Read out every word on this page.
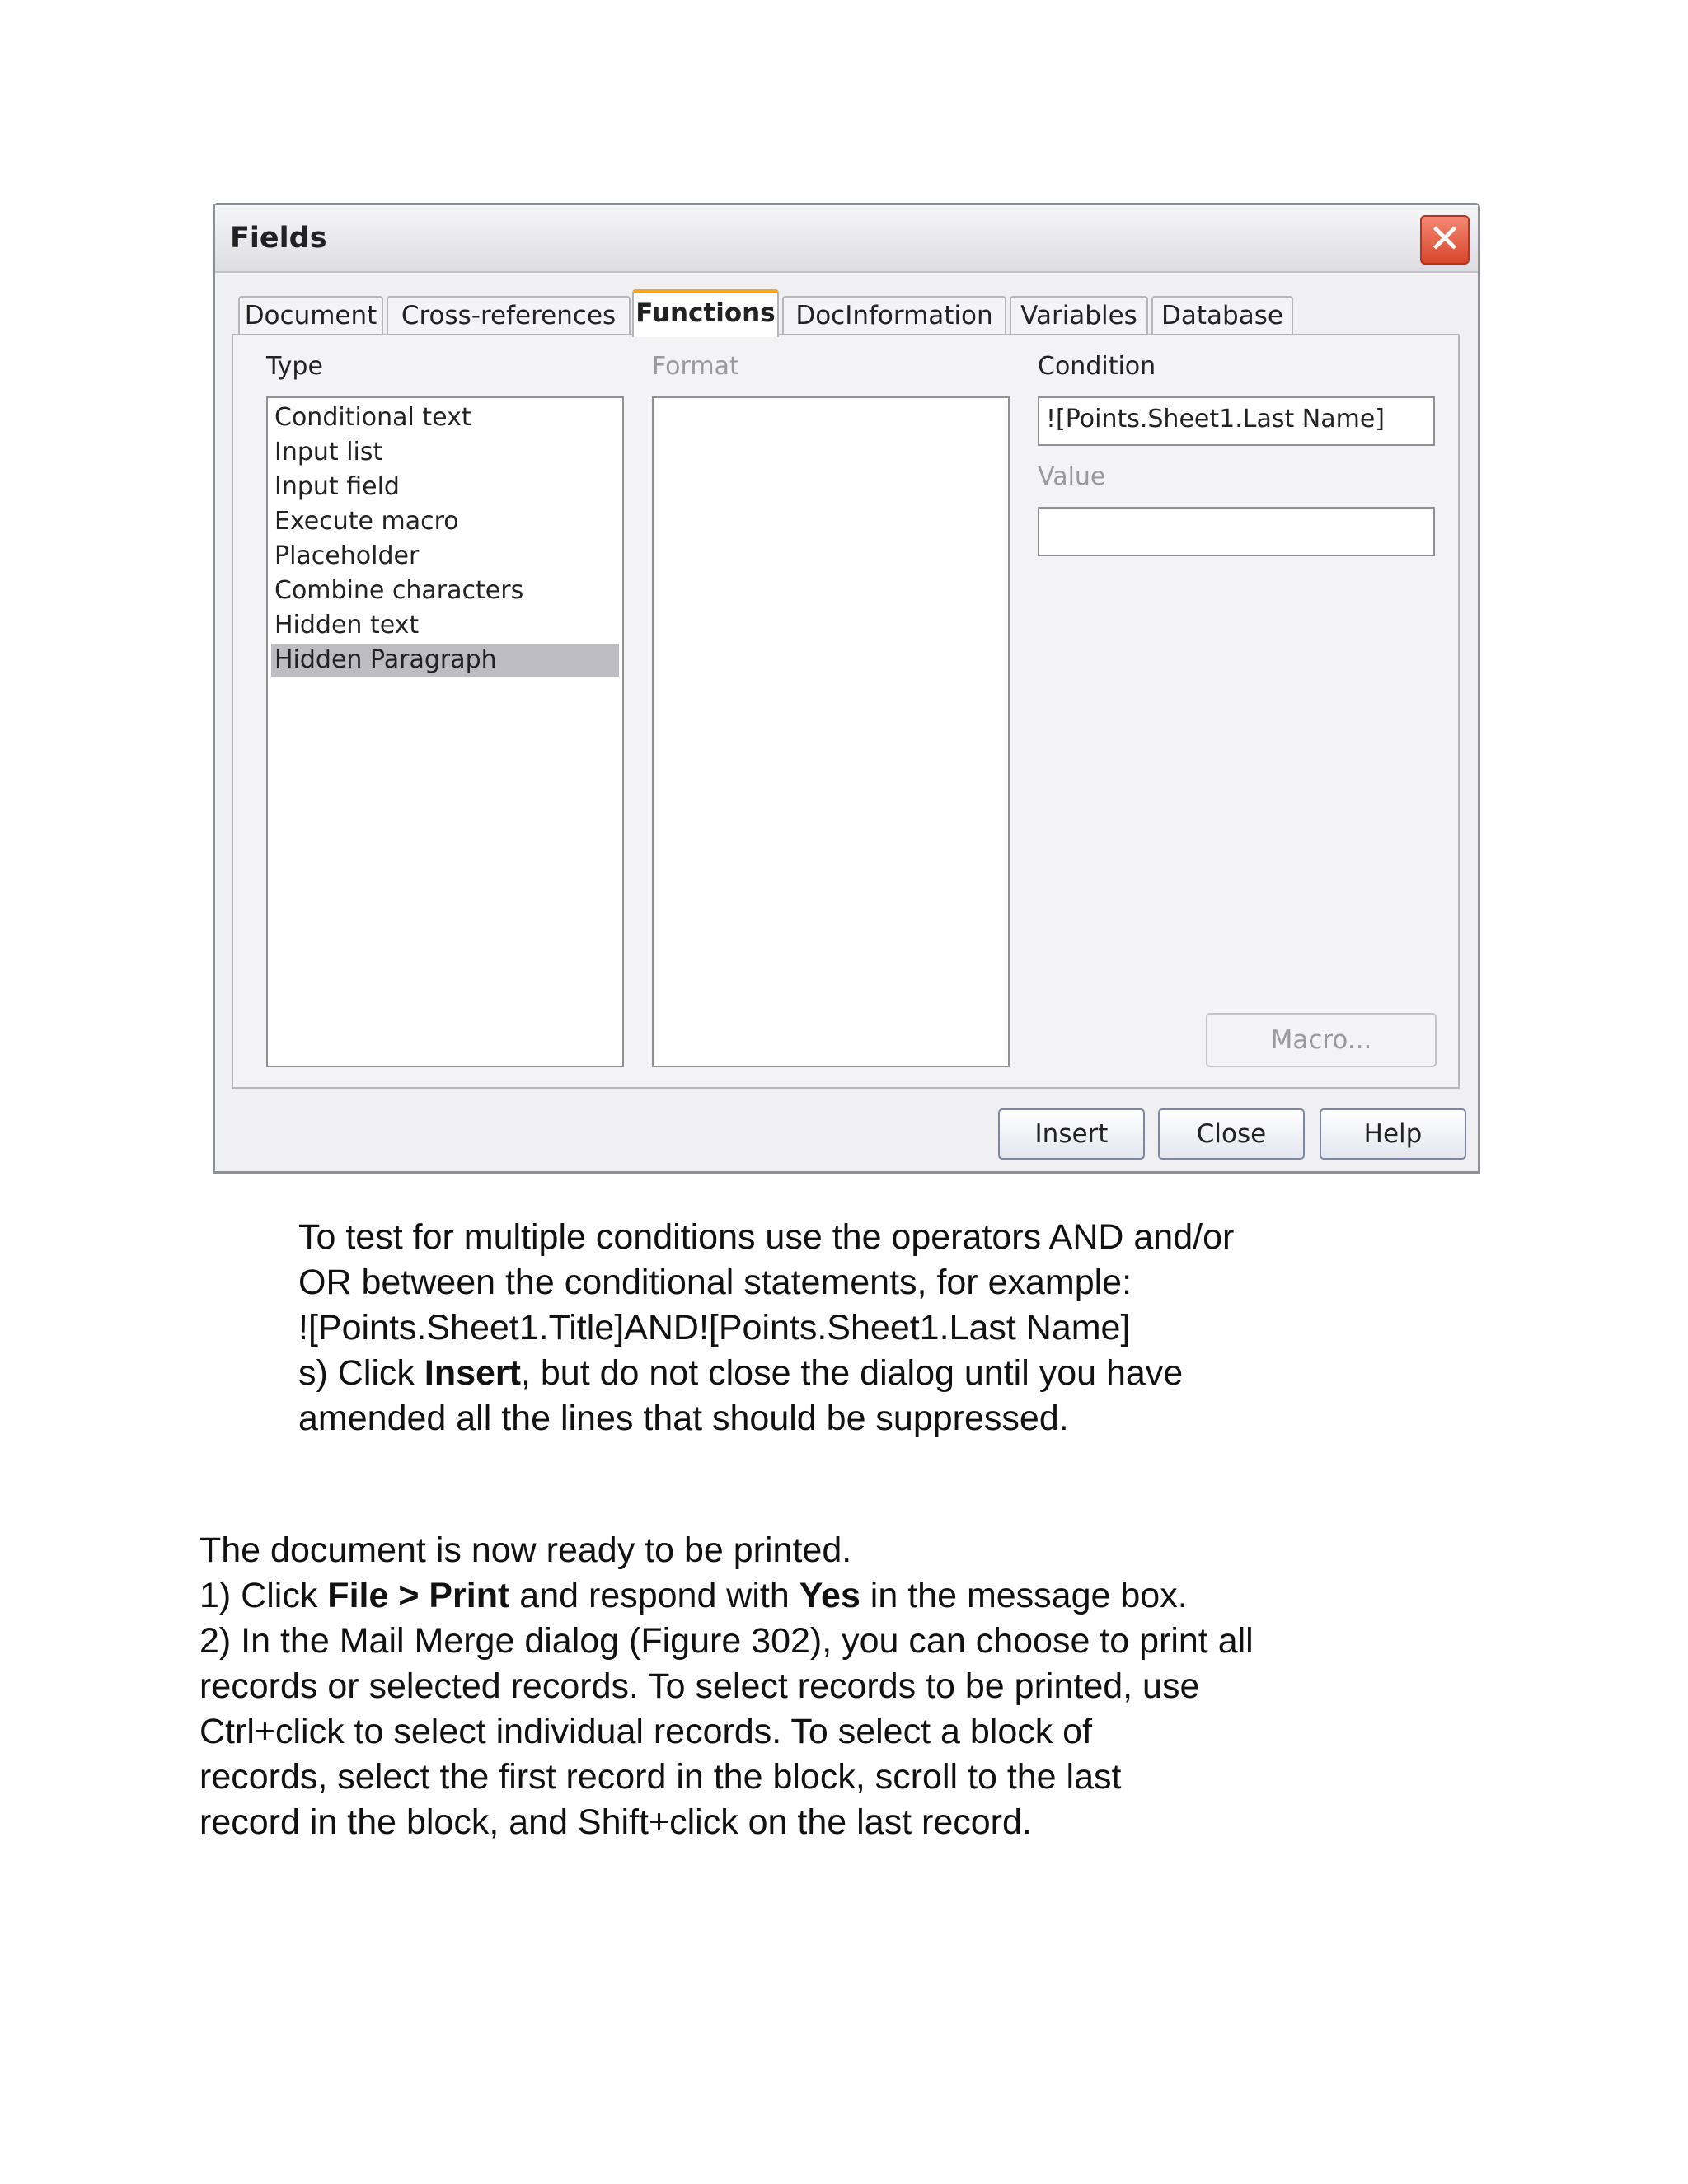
Fields	✕
Document Cross-references Functions DocInformation	Variables Database
Type	Format	Condition
Conditional text
Input list
Input field
Execute macro
Placeholder
Combine characters
Hidden text
Hidden Paragraph
![Points.Sheet1.Last Name]
Value
Macro...
Insert	Close	Help
To test for multiple conditions use the operators AND and/or
OR between the conditional statements, for example:
![Points.Sheet1.Title]AND![Points.Sheet1.Last Name]
s) Click Insert, but do not close the dialog until you have
amended all the lines that should be suppressed.
The document is now ready to be printed.
1) Click File > Print and respond with Yes in the message box.
2) In the Mail Merge dialog (Figure 302), you can choose to print all
records or selected records. To select records to be printed, use
Ctrl+click to select individual records. To select a block of
records, select the first record in the block, scroll to the last
record in the block, and Shift+click on the last record.
